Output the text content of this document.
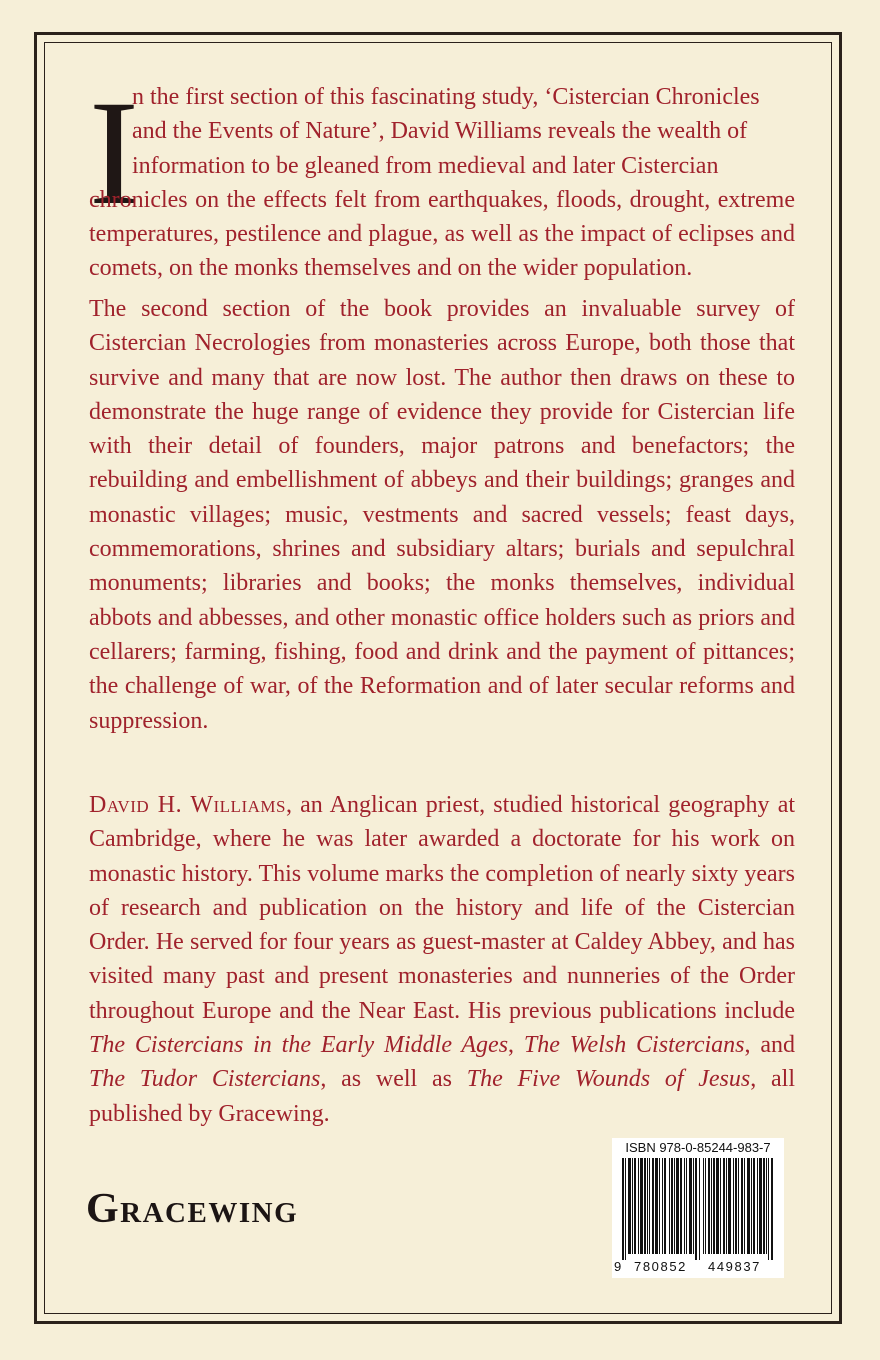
I

n the first section of this fascinating study, ‘Cistercian Chronicles
and the Events of Nature’, David Williams reveals the wealth of
information to be gleaned from medieval and later Cistercian
chronicles on the effects felt from earthquakes, floods, drought, extreme temperatures, pestilence and plague, as well as the impact of eclipses and comets, on the monks themselves and on the wider population.

The second section of the book provides an invaluable survey of Cistercian Necrologies from monasteries across Europe, both those that survive and many that are now lost. The author then draws on these to demonstrate the huge range of evidence they provide for Cistercian life with their detail of founders, major patrons and benefactors; the rebuilding and embellishment of abbeys and their buildings; granges and monastic villages; music, vestments and sacred vessels; feast days, commemorations, shrines and subsidiary altars; burials and sepulchral monuments; libraries and books; the monks themselves, individual abbots and abbesses, and other monastic office holders such as priors and cellarers; farming, fishing, food and drink and the payment of pittances; the challenge of war, of the Reformation and of later secular reforms and suppression.

David H. Williams, an Anglican priest, studied historical geography at Cambridge, where he was later awarded a doctorate for his work on monastic history. This volume marks the completion of nearly sixty years of research and publication on the history and life of the Cistercian Order. He served for four years as guest-master at Caldey Abbey, and has visited many past and present monasteries and nunneries of the Order throughout Europe and the Near East. His previous publications include The Cistercians in the Early Middle Ages, The Welsh Cistercians, and The Tudor Cistercians, as well as The Five Wounds of Jesus, all published by Gracewing.

Gracewing
ISBN 978-0-85244-983-7
9 780852 449837
